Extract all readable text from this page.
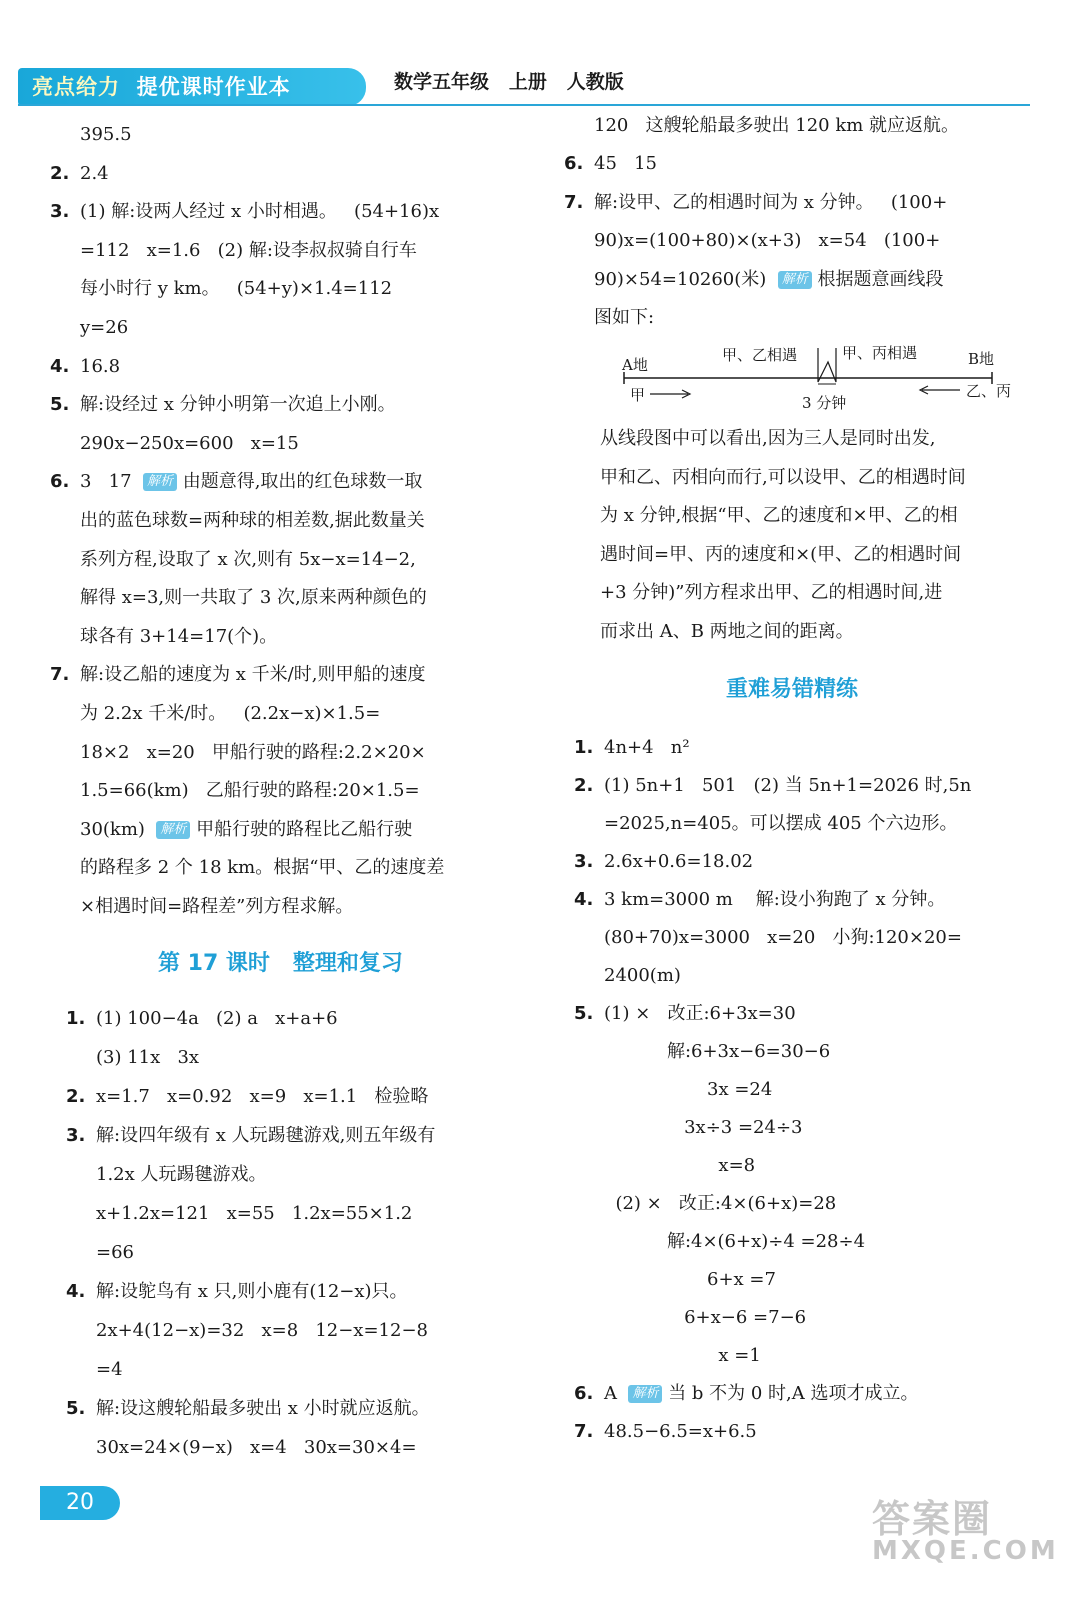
亮点给力 提优课时作业本	数学五年级   上册   人教版
395.5
2. 2.4
3. (1) 解:设两人经过 x 小时相遇。   (54+16)x
=112   x=1.6   (2) 解:设李叔叔骑自行车
每小时行 y km。   (54+y)×1.4=112
y=26
4. 16.8
5. 解:设经过 x 分钟小明第一次追上小刚。
290x−250x=600   x=15
6. 3   17  解析 由题意得,取出的红色球数一取
出的蓝色球数=两种球的相差数,据此数量关
系列方程,设取了 x 次,则有 5x−x=14−2,
解得 x=3,则一共取了 3 次,原来两种颜色的
球各有 3+14=17(个)。
7. 解:设乙船的速度为 x 千米/时,则甲船的速度
为 2.2x 千米/时。   (2.2x−x)×1.5=
18×2   x=20   甲船行驶的路程:2.2×20×
1.5=66(km)   乙船行驶的路程:20×1.5=
30(km)  解析 甲船行驶的路程比乙船行驶
的路程多 2 个 18 km。根据“甲、乙的速度差
×相遇时间=路程差”列方程求解。
第 17 课时   整理和复习
1. (1) 100−4a   (2) a   x+a+6
(3) 11x   3x
2. x=1.7   x=0.92   x=9   x=1.1   检验略
3. 解:设四年级有 x 人玩踢毽游戏,则五年级有
1.2x 人玩踢毽游戏。
x+1.2x=121   x=55   1.2x=55×1.2
=66
4. 解:设鸵鸟有 x 只,则小鹿有(12−x)只。
2x+4(12−x)=32   x=8   12−x=12−8
=4
5. 解:设这艘轮船最多驶出 x 小时就应返航。
30x=24×(9−x)   x=4   30x=30×4=
120   这艘轮船最多驶出 120 km 就应返航。
6. 45   15
7. 解:设甲、乙的相遇时间为 x 分钟。   (100+
90)x=(100+80)×(x+3)   x=54   (100+
90)×54=10260(米)  解析 根据题意画线段
图如下:
A地	B地
甲、乙相遇	甲、丙相遇
甲	乙、丙
3 分钟
从线段图中可以看出,因为三人是同时出发,
甲和乙、丙相向而行,可以设甲、乙的相遇时间
为 x 分钟,根据“甲、乙的速度和×甲、乙的相
遇时间=甲、丙的速度和×(甲、乙的相遇时间
+3 分钟)”列方程求出甲、乙的相遇时间,进
而求出 A、B 两地之间的距离。
重难易错精练
1. 4n+4   n²
2. (1) 5n+1   501   (2) 当 5n+1=2026 时,5n
=2025,n=405。可以摆成 405 个六边形。
3. 2.6x+0.6=18.02
4. 3 km=3000 m    解:设小狗跑了 x 分钟。
(80+70)x=3000   x=20   小狗:120×20=
2400(m)
5. (1) ×   改正:6+3x=30
解:6+3x−6=30−6
3x =24
3x÷3 =24÷3
x=8
(2) ×   改正:4×(6+x)=28
解:4×(6+x)÷4 =28÷4
6+x =7
6+x−6 =7−6
x =1
6. A  解析 当 b 不为 0 时,A 选项才成立。
7. 48.5−6.5=x+6.5
20	答案圈
MXQE.COM
